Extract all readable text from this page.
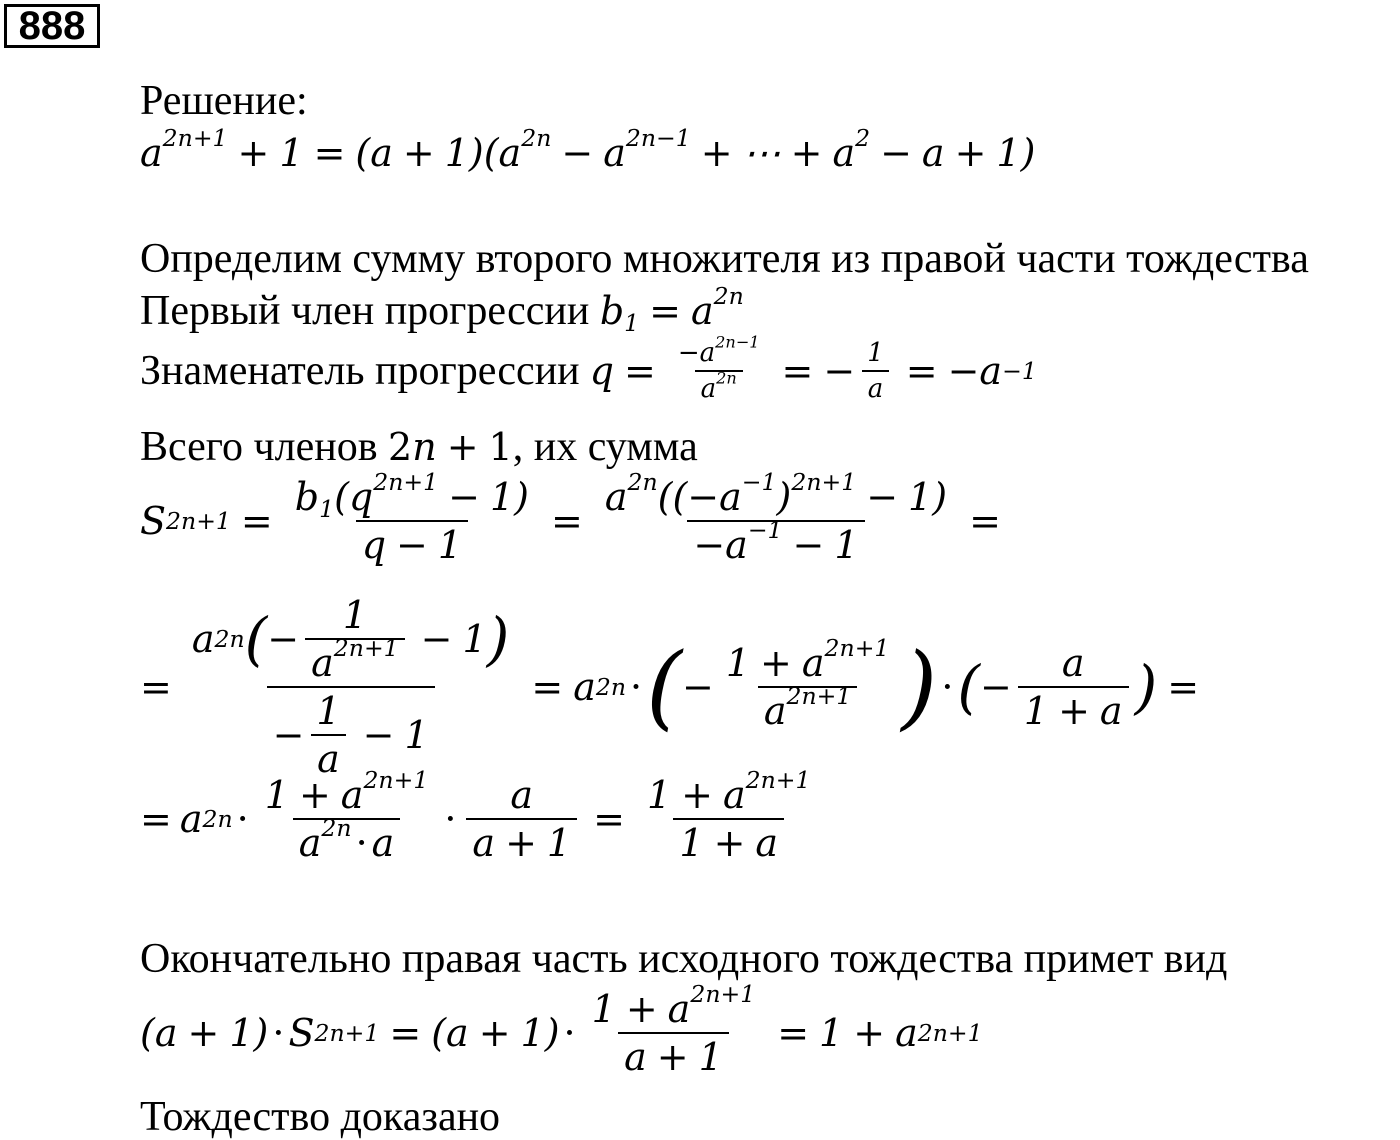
888
Решение:
$a^{2n+1} + 1 = (a + 1)(a^{2n} - a^{2n-1}$ + ⋯ + $a^2 - a + 1$)
Определим сумму второго множителя из правой части тождества
Первый член прогрессии $b_1 = a^{2n}$
Знаменатель прогрессии $q = \frac{-a^{2n-1}}{a^{2n}}$ = − $\frac{1}{a} = -a -1$
Всего членов 2n + 1, их сумма
S $2n+1 = \frac{b_1(q^{2n+1} - 1)}{q - 1} = \frac{a^{2n}((-a^{-1})^{2n+1} - 1)}{-a^{-1} - 1}$ =
= $\frac{a 2n ( - \frac{1}{a^{2n+1}} - 1 )}{- \frac{1}{a} - 1} = a$ 2n · ( − $\frac{1 + a^{2n+1}}{a^{2n+1}}$ ) · ( − $\frac{a}{1 + a}$ ) =
= a $2n \cdot \frac{1 + a^{2n+1}}{a^{2n} \cdot a} \cdot \frac{a}{a + 1} = \frac{1 + a^{2n+1}}{1 + a}$
Окончательно правая часть исходного тождества примет вид
(a + 1) · S $2n+1 = (a + 1) \cdot \frac{1 + a^{2n+1}}{a + 1} = 1 + a$ 2n+1
Тождество доказано
